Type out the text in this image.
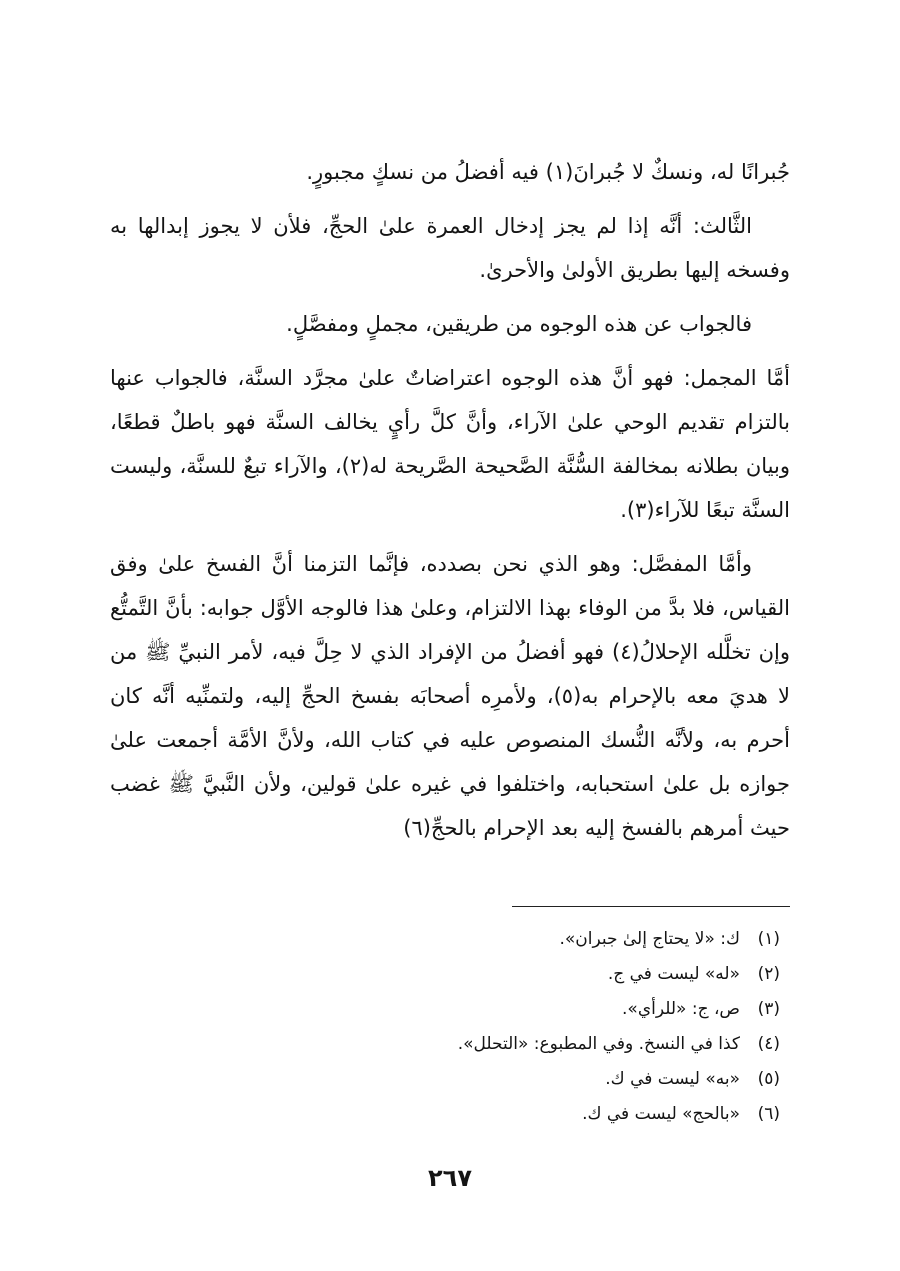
جُبرانًا له، ونسكٌ لا جُبرانَ(١) فيه أفضلُ من نسكٍ مجبورٍ.

الثَّالث: أنَّه إذا لم يجز إدخال العمرة علىٰ الحجِّ، فلأن لا يجوز إبدالها به وفسخه إليها بطريق الأولىٰ والأحرىٰ.

فالجواب عن هذه الوجوه من طريقين، مجملٍ ومفصَّلٍ.

أمَّا المجمل: فهو أنَّ هذه الوجوه اعتراضاتٌ علىٰ مجرَّد السنَّة، فالجواب عنها بالتزام تقديم الوحي علىٰ الآراء، وأنَّ كلَّ رأيٍ يخالف السنَّة فهو باطلٌ قطعًا، وبيان بطلانه بمخالفة السُّنَّة الصَّحيحة الصَّريحة له(٢)، والآراء تبعٌ للسنَّة، وليست السنَّة تبعًا للآراء(٣).

وأمَّا المفصَّل: وهو الذي نحن بصدده، فإنَّما التزمنا أنَّ الفسخ علىٰ وفق القياس، فلا بدَّ من الوفاء بهذا الالتزام، وعلىٰ هذا فالوجه الأوَّل جوابه: بأنَّ التَّمتُّع وإن تخلَّله الإحلالُ(٤) فهو أفضلُ من الإفراد الذي لا حِلَّ فيه، لأمر النبيِّ ﷺ من لا هديَ معه بالإحرام به(٥)، ولأمرِه أصحابَه بفسخ الحجِّ إليه، ولتمنِّيه أنَّه كان أحرم به، ولأنَّه النُّسك المنصوص عليه في كتاب الله، ولأنَّ الأمَّة أجمعت علىٰ جوازه بل علىٰ استحبابه، واختلفوا في غيره علىٰ قولين، ولأن النَّبيَّ ﷺ غضب حيث أمرهم بالفسخ إليه بعد الإحرام بالحجِّ(٦)

(١)ك: «لا يحتاج إلىٰ جبران».
(٢)«له» ليست في ج.
(٣)ص، ج: «للرأي».
(٤)كذا في النسخ. وفي المطبوع: «التحلل».
(٥)«به» ليست في ك.
(٦)«بالحج» ليست في ك.
٢٦٧
